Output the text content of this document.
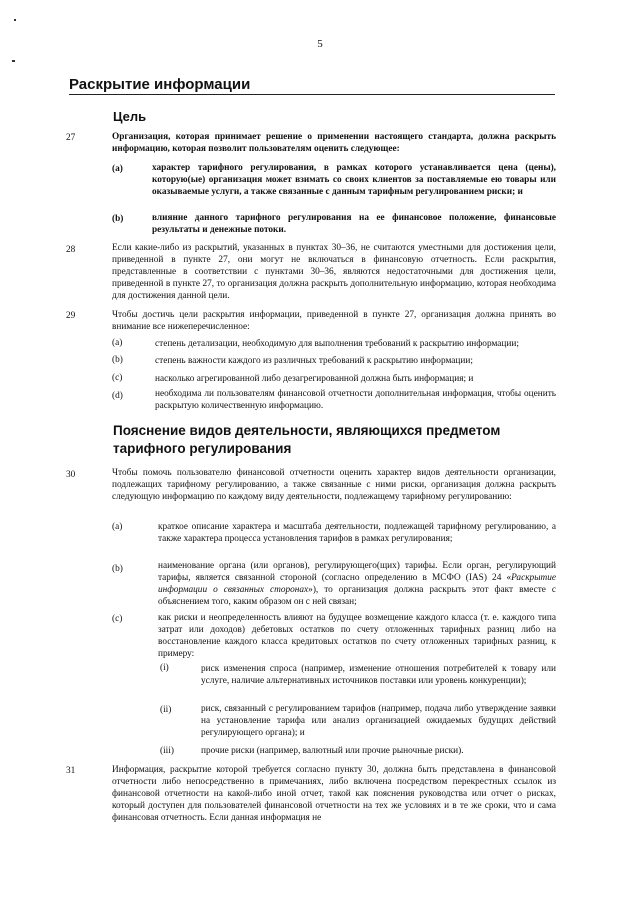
5
Раскрытие информации
Цель
27	Организация, которая принимает решение о применении настоящего стандарта, должна раскрыть информацию, которая позволит пользователям оценить следующее:
(a)	характер тарифного регулирования, в рамках которого устанавливается цена (цены), которую(ые) организация может взимать со своих клиентов за поставляемые ею товары или оказываемые услуги, а также связанные с данным тарифным регулированием риски; и
(b)	влияние данного тарифного регулирования на ее финансовое положение, финансовые результаты и денежные потоки.
28	Если какие-либо из раскрытий, указанных в пунктах 30–36, не считаются уместными для достижения цели, приведенной в пункте 27, они могут не включаться в финансовую отчетность. Если раскрытия, представленные в соответствии с пунктами 30–36, являются недостаточными для достижения цели, приведенной в пункте 27, то организация должна раскрыть дополнительную информацию, которая необходима для достижения данной цели.
29	Чтобы достичь цели раскрытия информации, приведенной в пункте 27, организация должна принять во внимание все нижеперечисленное:
(a)	степень детализации, необходимую для выполнения требований к раскрытию информации;
(b)	степень важности каждого из различных требований к раскрытию информации;
(c)	насколько агрегированной либо дезагрегированной должна быть информация; и
(d)	необходима ли пользователям финансовой отчетности дополнительная информация, чтобы оценить раскрытую количественную информацию.
Пояснение видов деятельности, являющихся предметом тарифного регулирования
30	Чтобы помочь пользователю финансовой отчетности оценить характер видов деятельности организации, подлежащих тарифному регулированию, а также связанные с ними риски, организация должна раскрыть следующую информацию по каждому виду деятельности, подлежащему тарифному регулированию:
(a)	краткое описание характера и масштаба деятельности, подлежащей тарифному регулированию, а также характера процесса установления тарифов в рамках регулирования;
(b)	наименование органа (или органов), регулирующего(щих) тарифы. Если орган, регулирующий тарифы, является связанной стороной (согласно определению в МСФО (IAS) 24 «Раскрытие информации о связанных сторонах»), то организация должна раскрыть этот факт вместе с объяснением того, каким образом он с ней связан;
(c)	как риски и неопределенность влияют на будущее возмещение каждого класса (т. е. каждого типа затрат или доходов) дебетовых остатков по счету отложенных тарифных разниц либо на восстановление каждого класса кредитовых остатков по счету отложенных тарифных разниц, к примеру:
(i)	риск изменения спроса (например, изменение отношения потребителей к товару или услуге, наличие альтернативных источников поставки или уровень конкуренции);
(ii)	риск, связанный с регулированием тарифов (например, подача либо утверждение заявки на установление тарифа или анализ организацией ожидаемых будущих действий регулирующего органа); и
(iii)	прочие риски (например, валютный или прочие рыночные риски).
31	Информация, раскрытие которой требуется согласно пункту 30, должна быть представлена в финансовой отчетности либо непосредственно в примечаниях, либо включена посредством перекрестных ссылок из финансовой отчетности на какой-либо иной отчет, такой как пояснения руководства или отчет о рисках, который доступен для пользователей финансовой отчетности на тех же условиях и в те же сроки, что и сама финансовая отчетность. Если данная информация не
